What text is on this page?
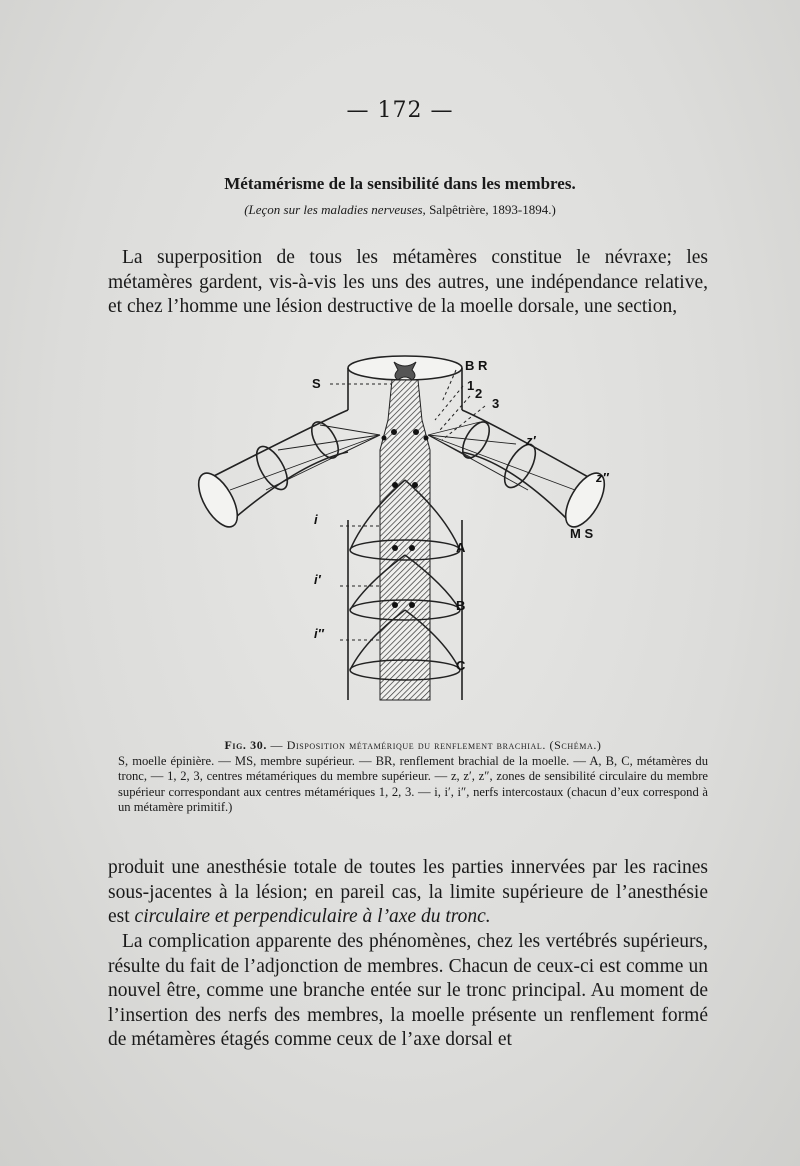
— 172 —
Métamérisme de la sensibilité dans les membres.
(Leçon sur les maladies nerveuses, Salpêtrière, 1893-1894.)
La superposition de tous les métamères constitue le névraxe; les métamères gardent, vis-à-vis les uns des autres, une indépendance relative, et chez l’homme une lésion destructive de la moelle dorsale, une section,
S
B R
1
2
3
z′
z″
M S
i
i′
i″
A
B
C
Fig. 30. — Disposition métamérique du renflement brachial. (Schéma.)
S, moelle épinière. — MS, membre supérieur. — BR, renflement brachial de la moelle. — A, B, C, métamères du tronc, — 1, 2, 3, centres métamériques du membre supérieur. — z, z′, z″, zones de sensibilité circulaire du membre supérieur correspondant aux centres métamériques 1, 2, 3. — i, i′, i″, nerfs intercostaux (chacun d’eux correspond à un métamère primitif.)
produit une anesthésie totale de toutes les parties innervées par les racines sous-jacentes à la lésion; en pareil cas, la limite supérieure de l’anesthésie est circulaire et perpendiculaire à l’axe du tronc.
La complication apparente des phénomènes, chez les vertébrés supérieurs, résulte du fait de l’adjonction de membres. Chacun de ceux-ci est comme un nouvel être, comme une branche entée sur le tronc principal. Au moment de l’insertion des nerfs des membres, la moelle présente un renflement formé de métamères étagés comme ceux de l’axe dorsal et
